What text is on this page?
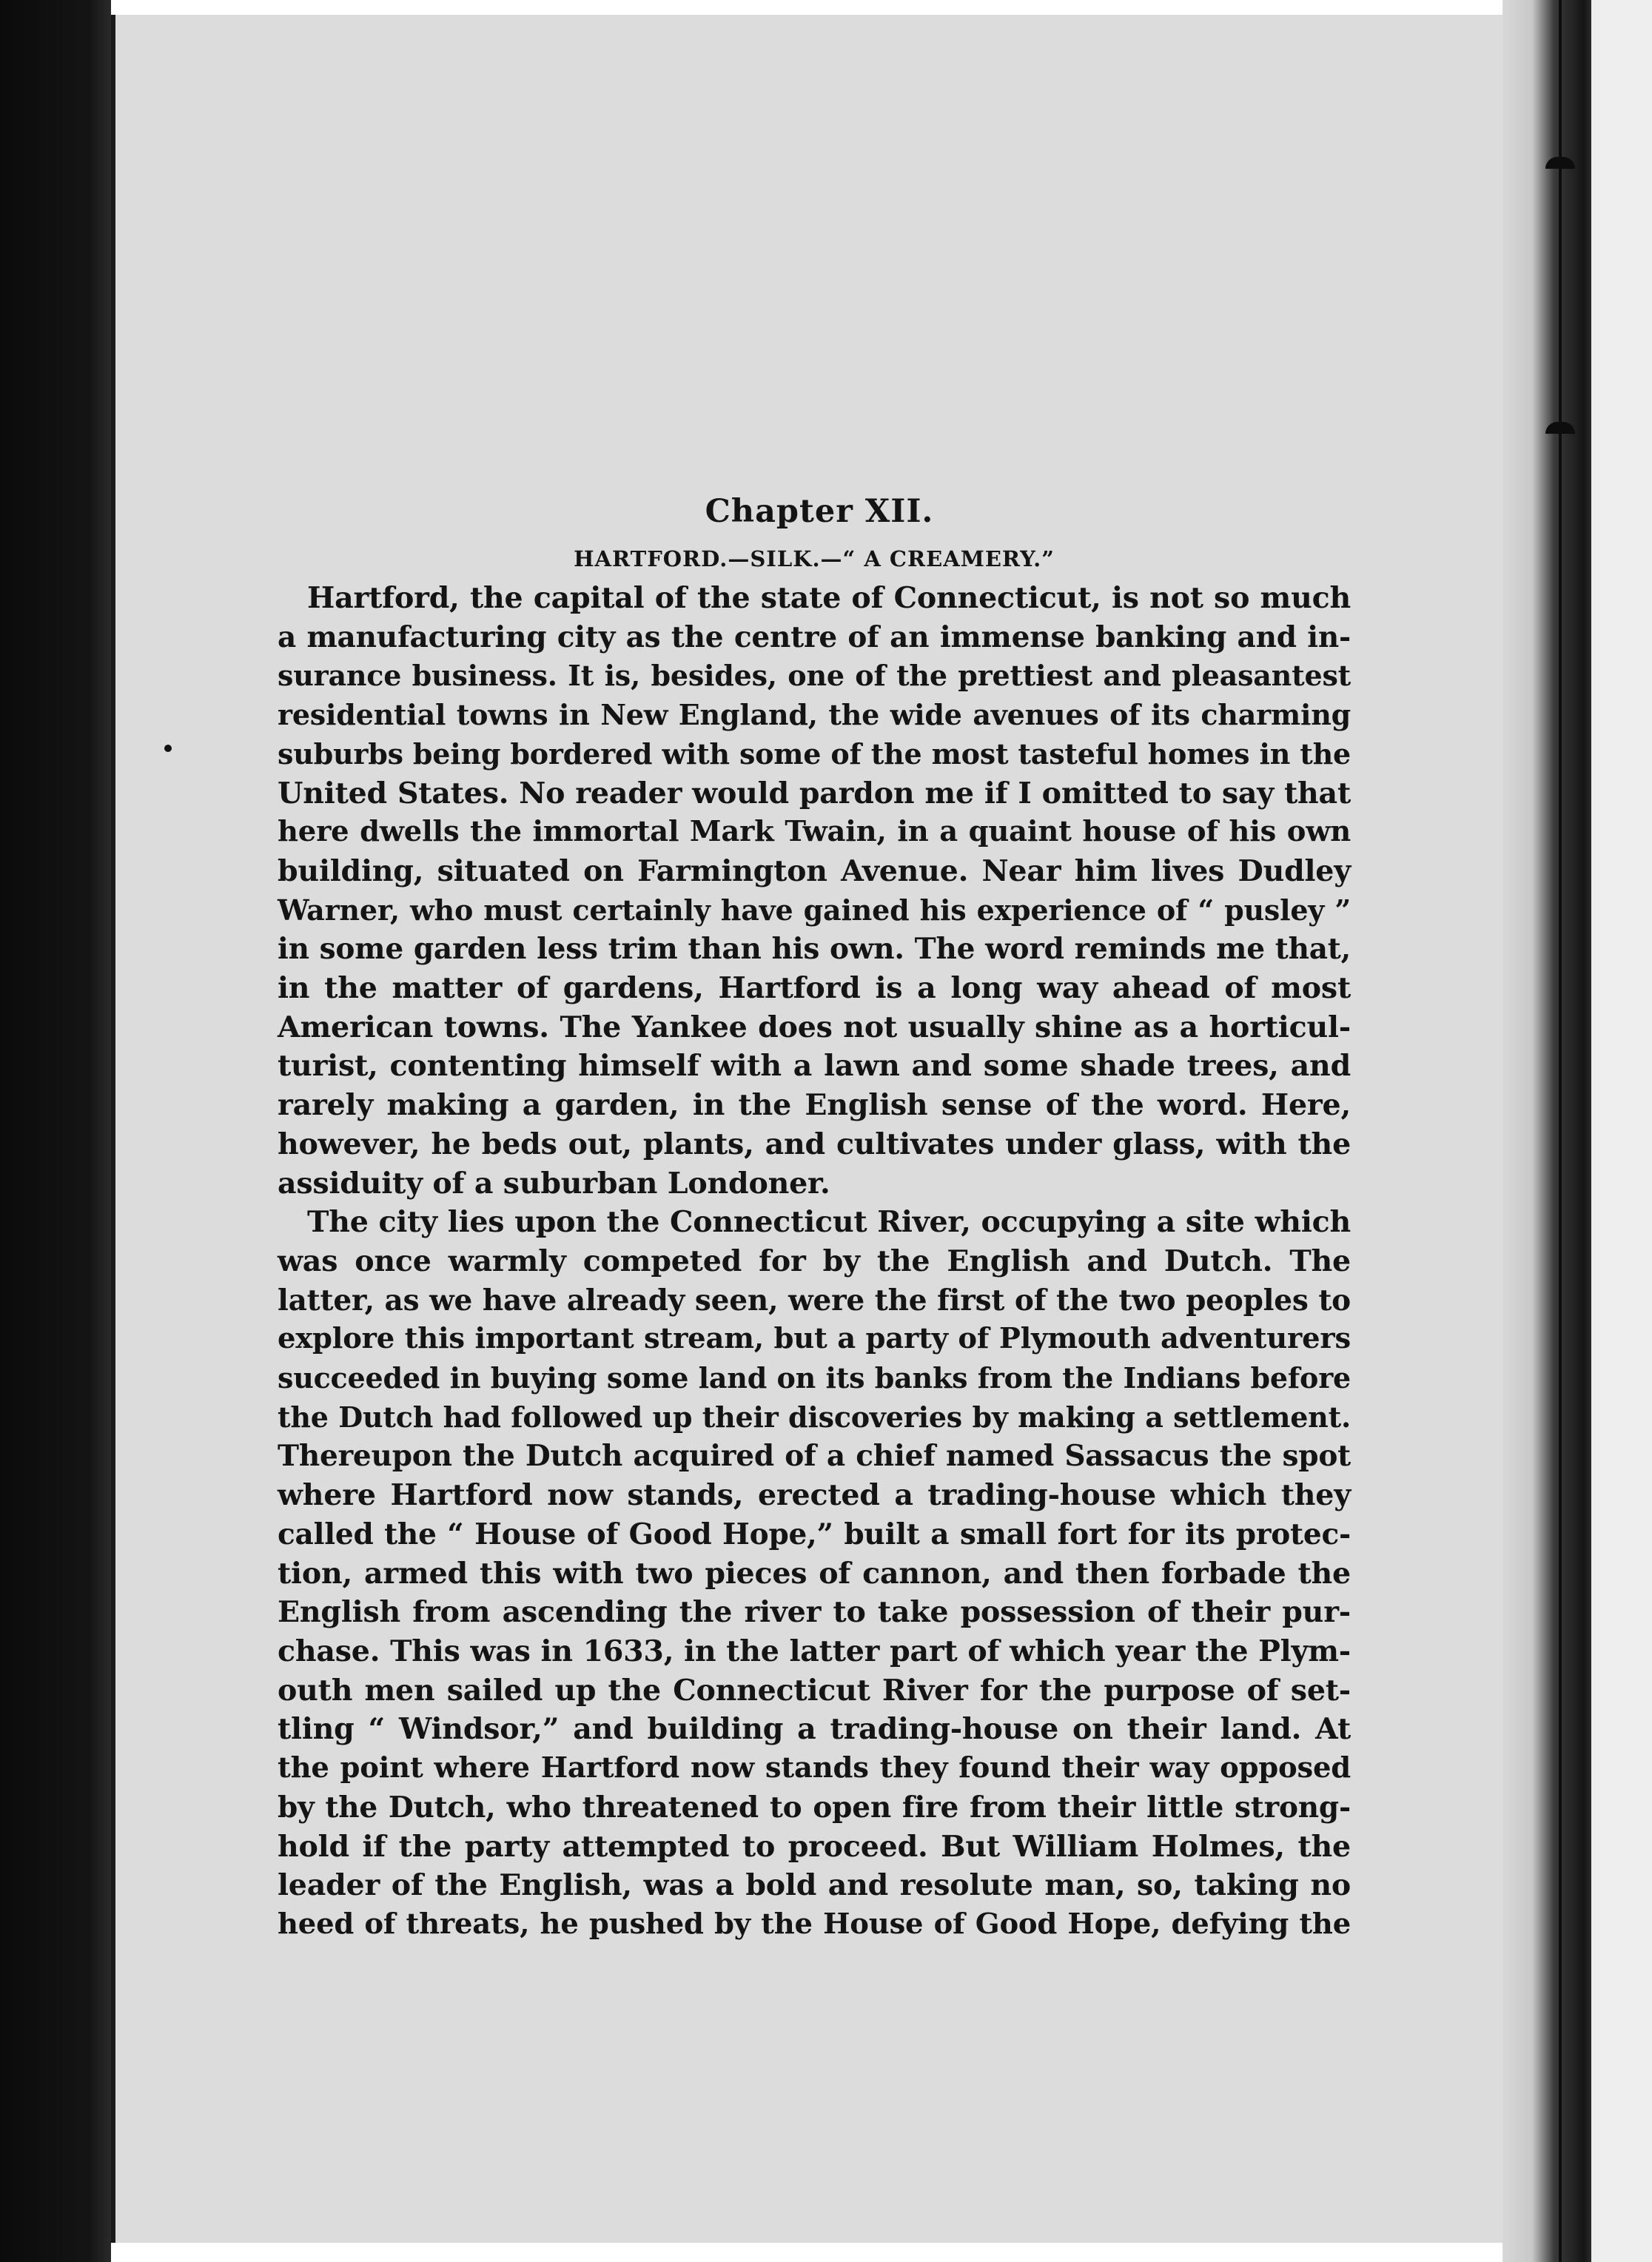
Chapter XII.
HARTFORD.—SILK.—“ A CREAMERY.”
Hartford, the capital of the state of Connecticut, is not so much
a manufacturing city as the centre of an immense banking and in-
surance business. It is, besides, one of the prettiest and pleasantest
residential towns in New England, the wide avenues of its charming
suburbs being bordered with some of the most tasteful homes in the
United States. No reader would pardon me if I omitted to say that
here dwells the immortal Mark Twain, in a quaint house of his own
building, situated on Farmington Avenue. Near him lives Dudley
Warner, who must certainly have gained his experience of “ pusley ”
in some garden less trim than his own. The word reminds me that,
in the matter of gardens, Hartford is a long way ahead of most
American towns. The Yankee does not usually shine as a horticul-
turist, contenting himself with a lawn and some shade trees, and
rarely making a garden, in the English sense of the word. Here,
however, he beds out, plants, and cultivates under glass, with the
assiduity of a suburban Londoner.
The city lies upon the Connecticut River, occupying a site which
was once warmly competed for by the English and Dutch. The
latter, as we have already seen, were the first of the two peoples to
explore this important stream, but a party of Plymouth adventurers
succeeded in buying some land on its banks from the Indians before
the Dutch had followed up their discoveries by making a settlement.
Thereupon the Dutch acquired of a chief named Sassacus the spot
where Hartford now stands, erected a trading-house which they
called the “ House of Good Hope,” built a small fort for its protec-
tion, armed this with two pieces of cannon, and then forbade the
English from ascending the river to take possession of their pur-
chase. This was in 1633, in the latter part of which year the Plym-
outh men sailed up the Connecticut River for the purpose of set-
tling “ Windsor,” and building a trading-house on their land. At
the point where Hartford now stands they found their way opposed
by the Dutch, who threatened to open fire from their little strong-
hold if the party attempted to proceed. But William Holmes, the
leader of the English, was a bold and resolute man, so, taking no
heed of threats, he pushed by the House of Good Hope, defying the
